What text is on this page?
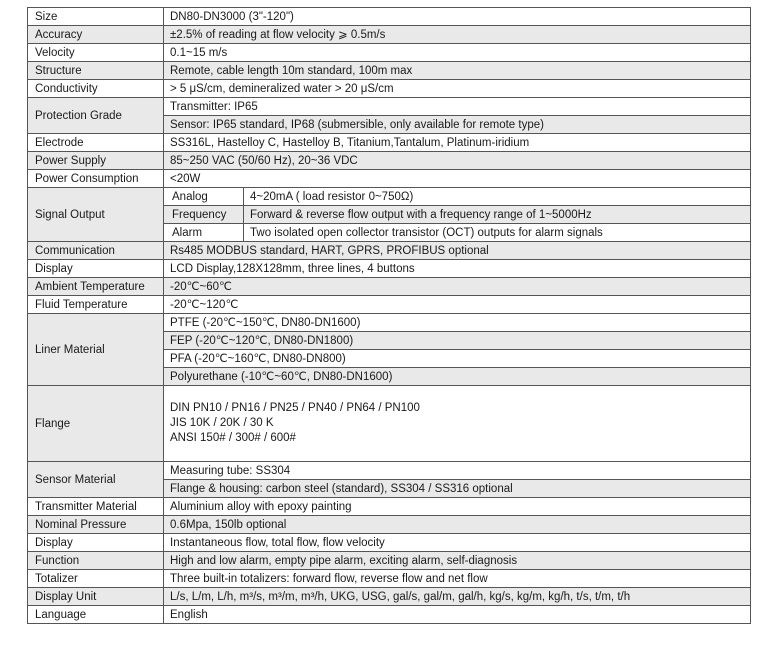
Size	DN80-DN3000 (3"-120")	
Accuracy	±2.5% of reading at flow velocity ⩾ 0.5m/s	
Velocity	0.1~15 m/s	
Structure	Remote, cable length 10m standard, 100m max	
Conductivity	> 5 μS/cm, demineralized water > 20 μS/cm	
Protection Grade	Transmitter: IP65	
	Sensor: IP65 standard, IP68 (submersible, only available for remote type)	
Electrode	SS316L, Hastelloy C, Hastelloy B, Titanium,Tantalum, Platinum-iridium	
Power Supply	85~250 VAC (50/60 Hz), 20~36 VDC	
Power Consumption	<20W	
Signal Output	Analog	4~20mA ( load resistor 0~750Ω)
	Frequency	Forward & reverse flow output with a frequency range of 1~5000Hz
	Alarm	Two isolated open collector transistor (OCT) outputs for alarm signals
Communication	Rs485 MODBUS standard, HART, GPRS, PROFIBUS optional	
Display	LCD Display,128X128mm, three lines, 4 buttons	
Ambient Temperature	-20℃~60℃	
Fluid Temperature	-20℃~120℃	
Liner Material	PTFE (-20℃~150℃, DN80-DN1600)	
	FEP (-20℃~120℃, DN80-DN1800)	
	PFA (-20℃~160℃, DN80-DN800)	
	Polyurethane (-10℃~60℃, DN80-DN1600)	
Flange	DIN PN10 / PN16 / PN25 / PN40 / PN64 / PN100
JIS 10K / 20K / 30 K
ANSI 150# / 300# / 600#	

Sensor Material	Measuring tube: SS304	
	Flange & housing: carbon steel (standard), SS304 / SS316 optional	
Transmitter Material	Aluminium alloy with epoxy painting	
Nominal Pressure	0.6Mpa, 150lb optional	
Display	Instantaneous flow, total flow, flow velocity	
Function	High and low alarm, empty pipe alarm, exciting alarm, self-diagnosis	
Totalizer	Three built-in totalizers: forward flow, reverse flow and net flow	
Display Unit	L/s, L/m, L/h, m³/s, m³/m, m³/h, UKG, USG, gal/s, gal/m, gal/h, kg/s, kg/m, kg/h, t/s, t/m, t/h	
Language	English	
